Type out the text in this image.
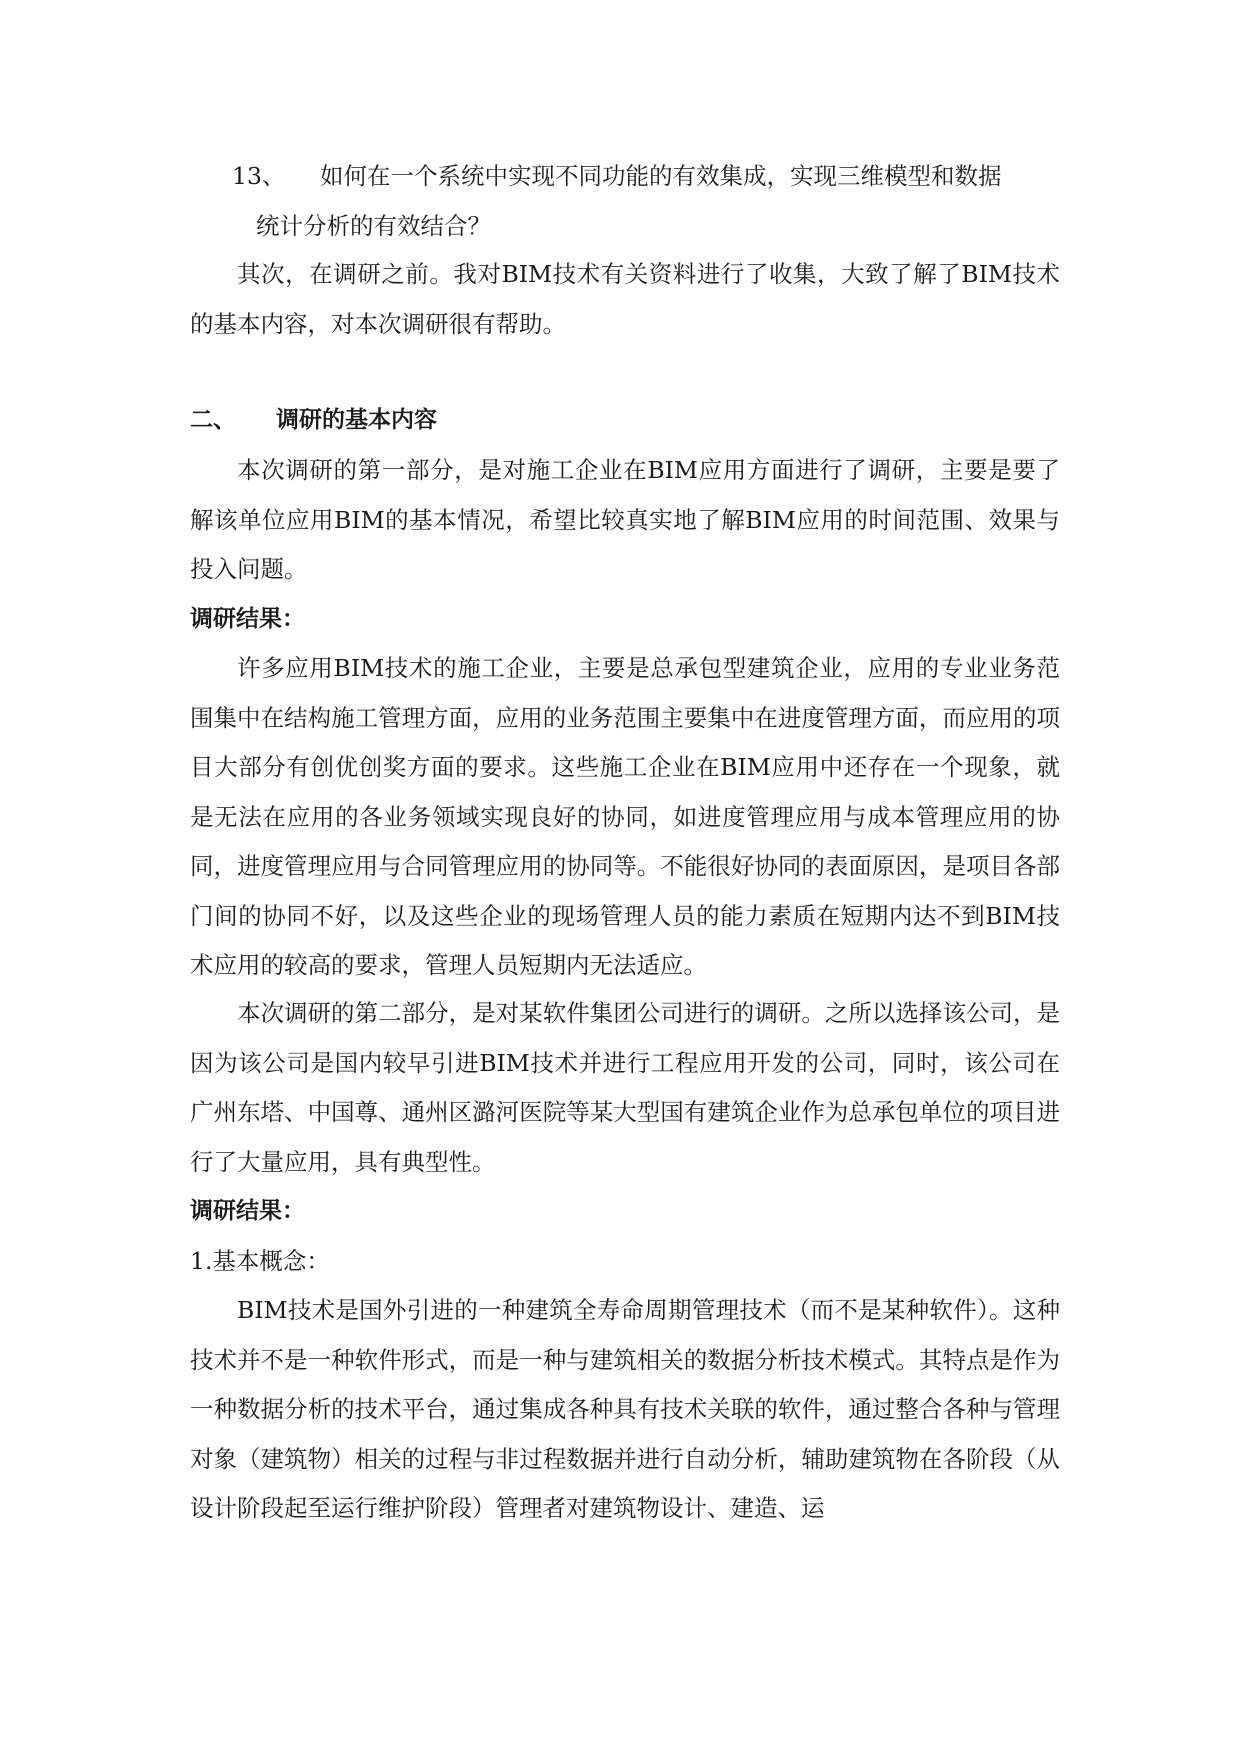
13、 如何在一个系统中实现不同功能的有效集成，实现三维模型和数据

统计分析的有效结合？

其次，在调研之前。我对BIM技术有关资料进行了收集，大致了解了BIM技术的基本内容，对本次调研很有帮助。

二、 调研的基本内容

本次调研的第一部分，是对施工企业在BIM应用方面进行了调研，主要是要了解该单位应用BIM的基本情况，希望比较真实地了解BIM应用的时间范围、效果与投入问题。

调研结果：

许多应用BIM技术的施工企业，主要是总承包型建筑企业，应用的专业业务范围集中在结构施工管理方面，应用的业务范围主要集中在进度管理方面，而应用的项目大部分有创优创奖方面的要求。这些施工企业在BIM应用中还存在一个现象，就是无法在应用的各业务领域实现良好的协同，如进度管理应用与成本管理应用的协同，进度管理应用与合同管理应用的协同等。不能很好协同的表面原因，是项目各部门间的协同不好，以及这些企业的现场管理人员的能力素质在短期内达不到BIM技术应用的较高的要求，管理人员短期内无法适应。

本次调研的第二部分，是对某软件集团公司进行的调研。之所以选择该公司，是因为该公司是国内较早引进BIM技术并进行工程应用开发的公司，同时，该公司在广州东塔、中国尊、通州区潞河医院等某大型国有建筑企业作为总承包单位的项目进行了大量应用，具有典型性。

调研结果：

1.基本概念：

BIM技术是国外引进的一种建筑全寿命周期管理技术（而不是某种软件）。这种技术并不是一种软件形式，而是一种与建筑相关的数据分析技术模式。其特点是作为一种数据分析的技术平台，通过集成各种具有技术关联的软件，通过整合各种与管理对象（建筑物）相关的过程与非过程数据并进行自动分析，辅助建筑物在各阶段（从设计阶段起至运行维护阶段）管理者对建筑物设计、建造、运
